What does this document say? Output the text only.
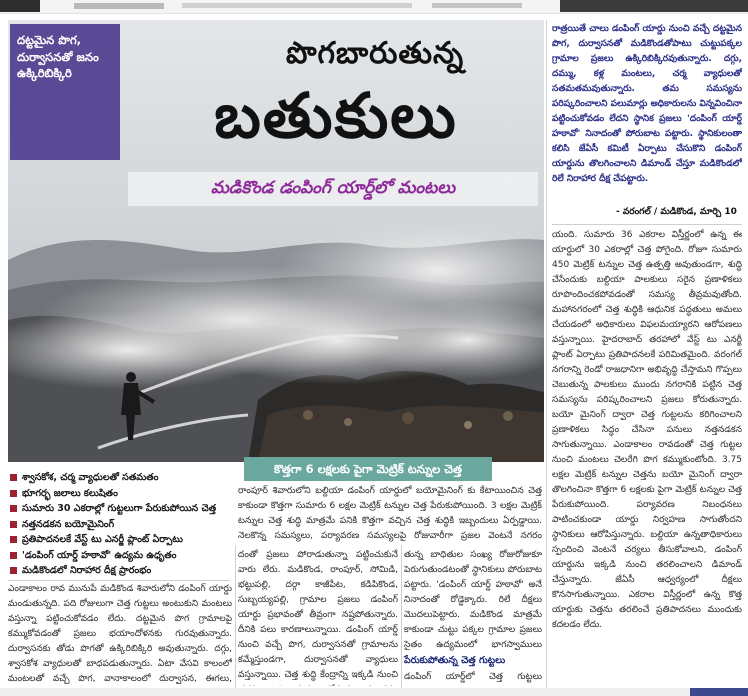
దట్టమైన పొగ, దుర్వాసనతో జనం ఉక్కిరిబిక్కిరి
పొగబారుతున్న
బతుకులు
మడికొండ డంపింగ్ యార్డ్‌లో మంటలు
కొత్తగా 6 లక్షలకు పైగా మెట్రిక్ టన్నుల చెత్త
రాత్రయితే చాలు డంపింగ్ యార్డు నుంచి వచ్చే దట్టమైన పొగ, దుర్వాసనతో మడికొండతోపాటు చుట్టుపక్కల గ్రామాల ప్రజలు ఉక్కిరిబిక్కిరవుతున్నారు. దగ్గు, దమ్ము, కళ్ల మంటలు, చర్మ వ్యాధులతో సతమతమవుతున్నారు. తమ సమస్యను పరిష్కరించాలని పలుమార్లు అధికారులను విన్నవించినా పట్టించుకోవడం లేదని స్థానిక ప్రజలు 'దంపింగ్ యార్డ్ హఠావో' నినాదంతో పోరుబాట పట్టారు. స్థానికులంతా కలిసి జేఏసీ కమిటీ ఏర్పాటు చేసుకొని డంపింగ్ యార్డును తొలగించాలని డిమాండ్ చేస్తూ మడికొండలో రిలే నిరాహార దీక్ష చేపట్టారు.
- వరంగల్ / మడికొండ, మార్చి 10
యంది. సుమారు 36 ఎకరాల విస్తీర్ణంలో ఉన్న ఈ యార్డులో 30 ఎకరాల్లో చెత్త పోగైంది. రోజూ సుమారు 450 మెట్రిక్ టన్నుల చెత్త ఉత్పత్తి అవుతుండగా, శుద్ధి చేసేందుకు బల్దియా పాలకులు సరైన ప్రణాళికలు రూపొందించకపోవడంతో సమస్య తీవ్రమవుతోంది. మహానగరంలో చెత్త శుద్ధికి ఆధునిక పద్ధతులు అమలు చేయడంలో అధికారులు విఫలమయ్యారని ఆరోపణలు వస్తున్నాయి. హైదరాబాద్ తరహాలో వేస్ట్ టు ఎనర్జీ ప్లాంట్ ఏర్పాటు ప్రతిపాదనలకే పరిమితమైంది. వరంగల్ నగరాన్ని రెండో రాజధానిగా అభివృద్ధి చేస్తామని గొప్పలు చెబుతున్న పాలకులు ముందు నగరానికి పట్టిన చెత్త సమస్యను పరిష్కరించాలని ప్రజలు కోరుతున్నారు. బయో మైనింగ్ ద్వారా చెత్త గుట్టలను కరిగించాలని ప్రణాళికలు సిద్ధం చేసినా పనులు నత్తనడకన సాగుతున్నాయి. ఎండాకాలం రావడంతో చెత్త గుట్టల నుంచి మంటలు చెలరేగి పొగ కమ్ముకుంటోంది. 3.75 లక్షల మెట్రిక్ టన్నుల చెత్తను బయో మైనింగ్ ద్వారా తొలగించినా కొత్తగా 6 లక్షలకు పైగా మెట్రిక్ టన్నుల చెత్త పేరుకుపోయింది. పర్యావరణ నిబంధనలు పాటించకుండా యార్డు నిర్వహణ సాగుతోందని స్థానికులు ఆరోపిస్తున్నారు. బల్దియా ఉన్నతాధికారులు స్పందించి వెంటనే చర్యలు తీసుకోవాలని, డంపింగ్ యార్డును ఇక్కడి నుంచి తరలించాలని డిమాండ్ చేస్తున్నారు. జేఏసీ ఆధ్వర్యంలో దీక్షలు కొనసాగుతున్నాయి. ఎకరాల విస్తీర్ణంలో ఉన్న కొత్త యార్డుకు చెత్తను తరలించే ప్రతిపాదనలు ముందుకు కదలడం లేదు.
రాంపూర్ శివారులోని బల్దియా డంపింగ్ యార్డులో బయోమైనింగ్ కు కేటాయించిన చెత్త కాకుండా కొత్తగా సుమారు 6 లక్షల మెట్రిక్ టన్నుల చెత్త పేరుకుపోయింది. 3 లక్షల మెట్రిక్ టన్నుల చెత్త శుద్ధి మాత్రమే పనికి కొత్తగా వచ్చిన చెత్త శుద్ధికి ఇబ్బందులు ఏర్పడ్డాయి. నెలకొన్న సమస్యలు, పర్యావరణ సమస్యలపై రోజువారీగా ప్రజల వెంటనే నగరం
శ్వాసకోశ, చర్మ వ్యాధులతో సతమతం
భూగర్భ జలాలు కలుషితం
సుమారు 30 ఎకరాల్లో గుట్టలుగా పేరుకుపోయిన చెత్త
నత్తనడకన బయోమైనింగ్
ప్రతిపాదనలకే వేస్ట్ టు ఎనర్జీ ప్లాంట్ ఏర్పాటు
'డంపింగ్ యార్డ్ హఠావో' ఉద్యమ ఉధృతం
మడికొండలో నిరాహార దీక్ష ప్రారంభం
ఎండాకాలం రావ మునుపే మడికొండ శివారులోని డంపింగ్ యార్డు మండుతున్నది. పది రోజులుగా చెత్త గుట్టలు అంటుకుని మంటలు వస్తున్నా పట్టించుకోవడం లేదు. దట్టమైన పొగ గ్రామాలపై కమ్ముకోవడంతో ప్రజలు భయాందోళనకు గురవుతున్నారు. దుర్వాసనకు తోడు పొగతో ఉక్కిరిబిక్కిరి అవుతున్నారు. దగ్గు, శ్వాసకోశ వ్యాధులతో బాధపడుతున్నారు. ఏటా వేసవి కాలంలో మంటలతో వచ్చే పొగ, వానాకాలంలో దుర్వాసన, ఈగలు,
దంతో ప్రజలు పోరాడుతున్నా పట్టించుకునే వారు లేరు. మడికొండ, రాంపూర్, సోమిడి, భట్టుపల్లి, దర్గా కాజీపేట, కడిపికొండ, సుబ్బయ్యపల్లి, గ్రామాల ప్రజలు డంపింగ్ యార్డు ప్రభావంతో తీవ్రంగా నష్టపోతున్నారు. దీనికి పలు కారణాలున్నాయి. డంపింగ్ యార్డ్ నుంచి వచ్చే పొగ, దుర్వాసనతో గ్రామాలను కమ్మేస్తుండగా, దుర్వాసనతో వ్యాధులు వస్తున్నాయి. చెత్త శుద్ధి కేంద్రాన్ని ఇక్కడి నుంచి
తున్న బాధితుల సంఖ్య రోజురోజుకూ పెరుగుతుండటంతో స్థానికులు పోరుబాట పట్టారు. 'డంపింగ్ యార్డ్ హఠావో' అనే నినాదంతో రోడ్డెక్కారు. రిలే దీక్షలు మొదలుపెట్టారు. మడికొండ మాత్రమే కాకుండా చుట్టు పక్కల గ్రామాల ప్రజలు సైతం ఉద్యమంలో భాగస్వాములు
పేరుకుపోతున్న చెత్త గుట్టలు
డంపింగ్ యార్డ్‌లో చెత్త గుట్టలు
